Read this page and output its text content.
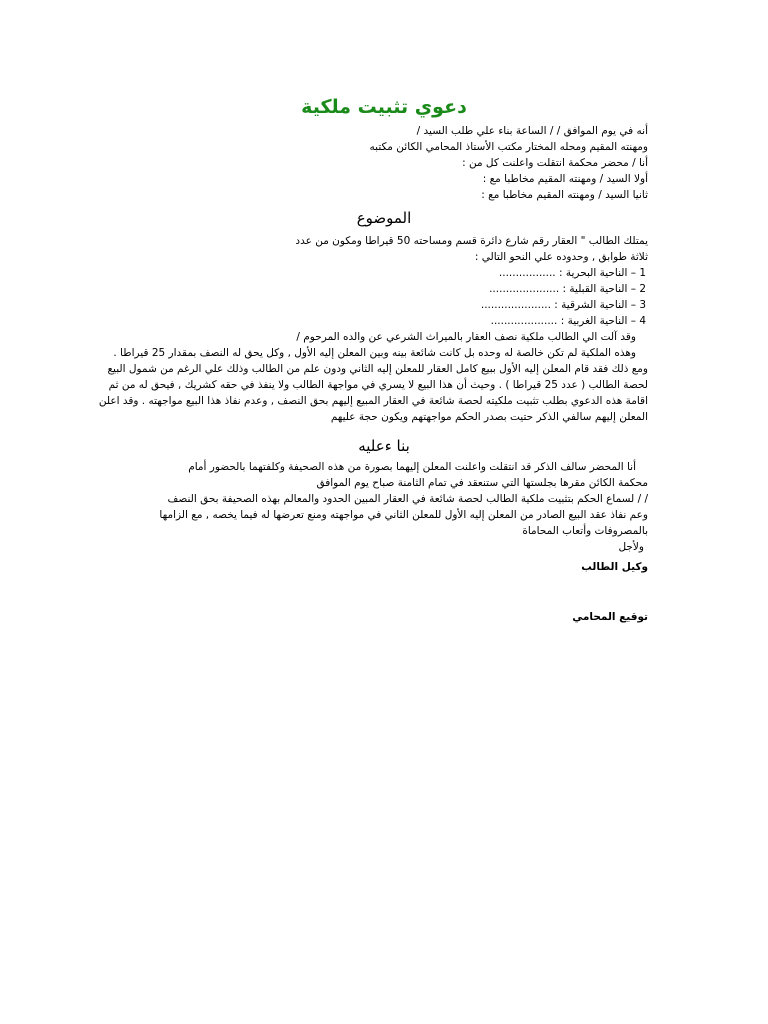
دعوي تثبيت ملكية
أنه في يوم الموافق / / الساعة بناء علي طلب السيد /
ومهنته المقيم ومحله المختار مكتب الأستاذ المحامي الكائن مكتبه
أنا / محضر محكمة انتقلت واعلنت كل من :
أولا السيد / ومهنته المقيم مخاطبا مع :
ثانيا السيد / ومهنته المقيم مخاطبا مع :
الموضوع
يمتلك الطالب " العقار رقم شارع دائرة قسم ومساحته 50 قيراطا ومكون من عدد
ثلاثة طوابق , وحدوده علي النحو التالي :
1 – الناحية البحرية : .................
2 – الناحية القبلية : .....................
3 – الناحية الشرقية : .....................
4 – الناحية الغربية : ....................
وقد آلت الي الطالب ملكية نصف العقار بالميراث الشرعي عن والده المرحوم /
وهذه الملكية لم تكن خالصة له وحده بل كانت شائعة بينه وبين المعلن إليه الأول , وكل يحق له النصف بمقدار 25 قيراطا .
ومع ذلك فقد قام المعلن إليه الأول ببيع كامل العقار للمعلن إليه الثاني ودون علم من الطالب وذلك علي الرغم من شمول البيع
لحصة الطالب ( عدد 25 قيراطا ) . وحيث أن هذا البيع لا يسري في مواجهة الطالب ولا ينفذ في حقه كشريك , فيحق له من ثم
اقامة هذه الدعوي بطلب تثبيت ملكيته لحصة شائعة في العقار المبيع إليهم بحق النصف , وعدم نفاذ هذا البيع مواجهته . وقد اعلن
المعلن إليهم سالفي الذكر حتيت بصدر الحكم مواجهتهم ويكون حجة عليهم
بنا ءعليه
أنا المحضر سالف الذكر قد انتقلت واعلنت المعلن إليهما بصورة من هذه الصحيفة وكلفتهما بالحضور أمام
محكمة الكائن مقرها بجلستها التي ستنعقد في تمام الثامنة صباح يوم الموافق
/ / لسماع الحكم بتثبيت ملكية الطالب لحصة شائعة في العقار المبين الحدود والمعالم بهذه الصحيفة بحق النصف
وعم نفاذ عقد البيع الصادر من المعلن إليه الأول للمعلن الثاني في مواجهته ومنع تعرضها له فيما يخصه , مع الزامها
بالمصروفات وأتعاب المحاماة
ولأجل
وكيل الطالب
توقيع المحامي
